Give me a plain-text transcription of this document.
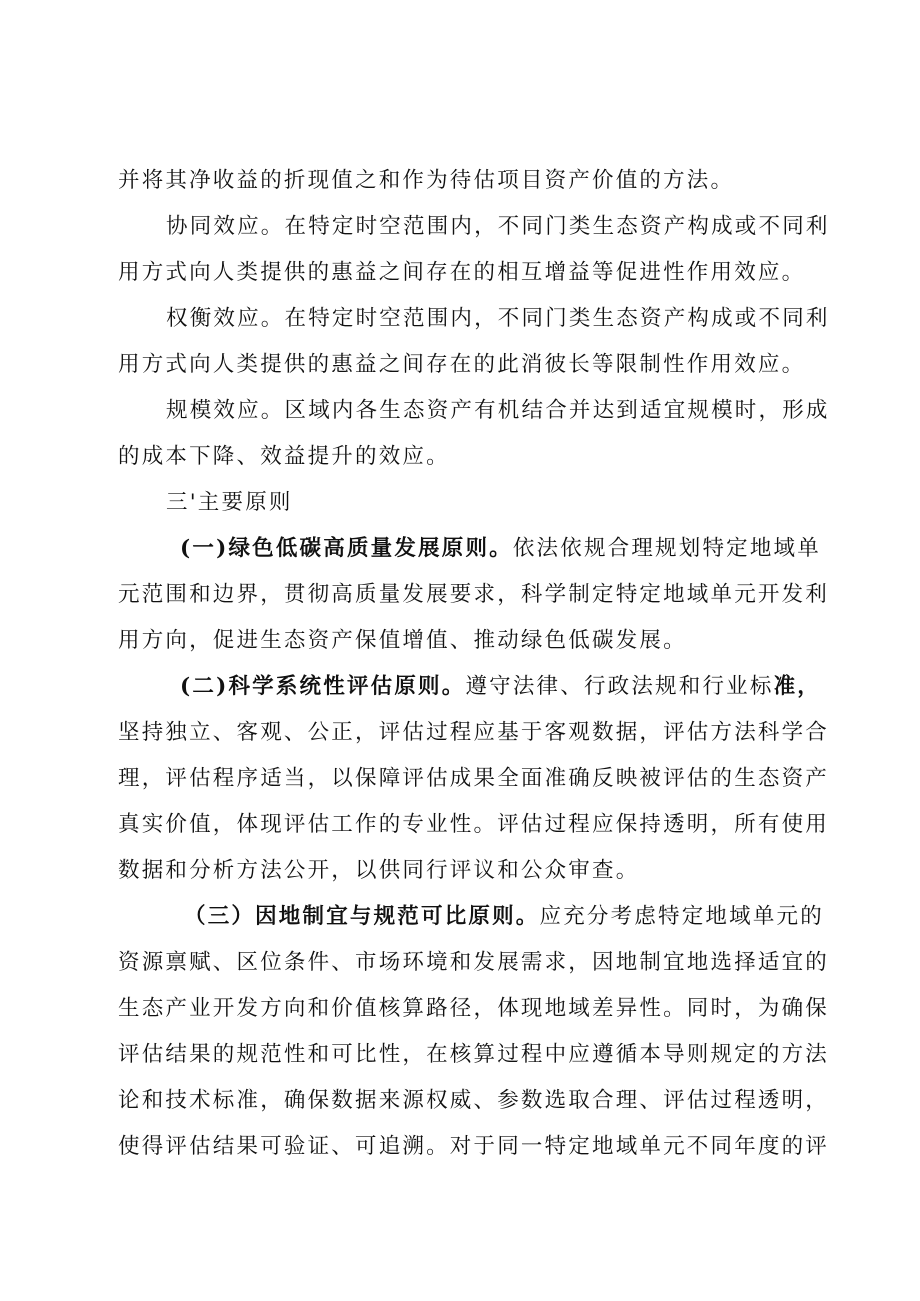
并将其净收益的折现值之和作为待估项目资产价值的方法。
协同效应。在特定时空范围内，不同门类生态资产构成或不同利
用方式向人类提供的惠益之间存在的相互增益等促进性作用效应。
权衡效应。在特定时空范围内，不同门类生态资产构成或不同利
用方式向人类提供的惠益之间存在的此消彼长等限制性作用效应。
规模效应。区域内各生态资产有机结合并达到适宜规模时，形成
的成本下降、效益提升的效应。
三'主要原则
(一)绿色低碳高质量发展原则。依法依规合理规划特定地域单
元范围和边界，贯彻高质量发展要求，科学制定特定地域单元开发利
用方向，促进生态资产保值增值、推动绿色低碳发展。
(二)科学系统性评估原则。遵守法律、行政法规和行业标准，
坚持独立、客观、公正，评估过程应基于客观数据，评估方法科学合
理，评估程序适当，以保障评估成果全面准确反映被评估的生态资产
真实价值，体现评估工作的专业性。评估过程应保持透明，所有使用
数据和分析方法公开，以供同行评议和公众审查。
（三）因地制宜与规范可比原则。应充分考虑特定地域单元的
资源禀赋、区位条件、市场环境和发展需求，因地制宜地选择适宜的
生态产业开发方向和价值核算路径，体现地域差异性。同时，为确保
评估结果的规范性和可比性，在核算过程中应遵循本导则规定的方法
论和技术标准，确保数据来源权威、参数选取合理、评估过程透明，
使得评估结果可验证、可追溯。对于同一特定地域单元不同年度的评
